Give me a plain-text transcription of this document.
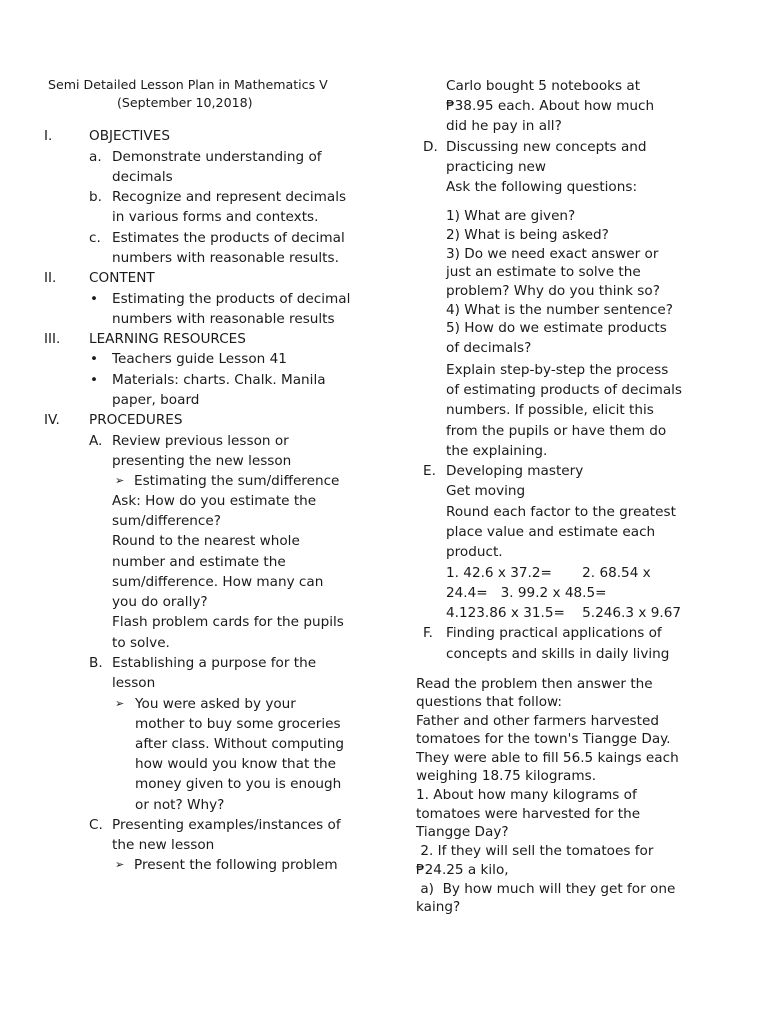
Semi Detailed Lesson Plan in Mathematics V
(September 10,2018)
I.	OBJECTIVES
a. Demonstrate understanding of
decimals
b. Recognize and represent decimals
in various forms and contexts.
c. Estimates the products of decimal
numbers with reasonable results.
II. CONTENT
• Estimating the products of decimal
numbers with reasonable results
III. LEARNING RESOURCES
• Teachers guide Lesson 41
• Materials: charts. Chalk. Manila
paper, board
IV. PROCEDURES
A. Review previous lesson or
presenting the new lesson
➢ Estimating the sum/difference
Ask: How do you estimate the
sum/difference?
Round to the nearest whole
number and estimate the
sum/difference. How many can
you do orally?
Flash problem cards for the pupils
to solve.
B. Establishing a purpose for the
lesson
➢ You were asked by your
mother to buy some groceries
after class. Without computing
how would you know that the
money given to you is enough
or not? Why?
C. Presenting examples/instances of
the new lesson
➢ Present the following problem
Carlo bought 5 notebooks at
₱38.95 each. About how much
did he pay in all?
D. Discussing new concepts and
practicing new
Ask the following questions:
1) What are given?
2) What is being asked?
3) Do we need exact answer or
just an estimate to solve the
problem? Why do you think so?
4) What is the number sentence?
5) How do we estimate products
of decimals?
Explain step-by-step the process
of estimating products of decimals
numbers. If possible, elicit this
from the pupils or have them do
the explaining.
E. Developing mastery
Get moving
Round each factor to the greatest
place value and estimate each
product.
1. 42.6 x 37.2=       2. 68.54 x
24.4=   3. 99.2 x 48.5=
4.123.86 x 31.5=    5.246.3 x 9.67
F. Finding practical applications of
concepts and skills in daily living
Read the problem then answer the
questions that follow:
Father and other farmers harvested
tomatoes for the town's Tiangge Day.
They were able to fill 56.5 kaings each
weighing 18.75 kilograms.
1. About how many kilograms of
tomatoes were harvested for the
Tiangge Day?
2. If they will sell the tomatoes for
₱24.25 a kilo,
a)  By how much will they get for one
kaing?
